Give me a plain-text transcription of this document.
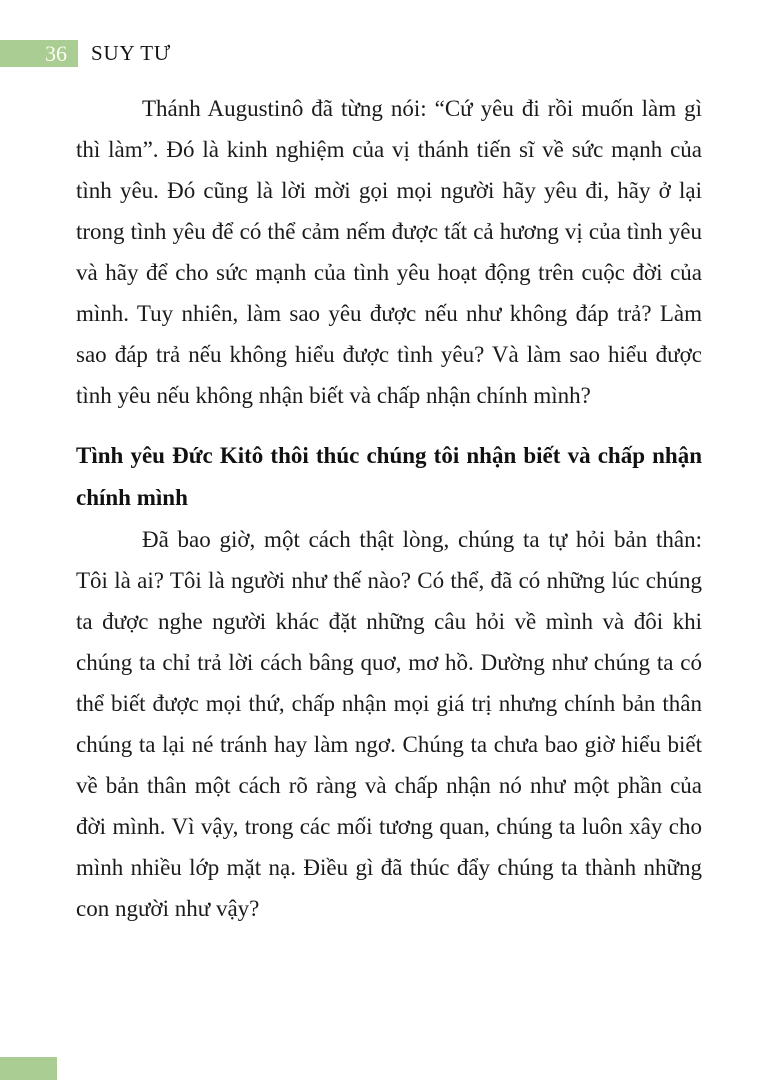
36 SUY TƯ

Thánh Augustinô đã từng nói: “Cứ yêu đi rồi muốn làm gì thì làm”. Đó là kinh nghiệm của vị thánh tiến sĩ về sức mạnh của tình yêu. Đó cũng là lời mời gọi mọi người hãy yêu đi, hãy ở lại trong tình yêu để có thể cảm nếm được tất cả hương vị của tình yêu và hãy để cho sức mạnh của tình yêu hoạt động trên cuộc đời của mình. Tuy nhiên, làm sao yêu được nếu như không đáp trả? Làm sao đáp trả nếu không hiểu được tình yêu? Và làm sao hiểu được tình yêu nếu không nhận biết và chấp nhận chính mình?

Tình yêu Đức Kitô thôi thúc chúng tôi nhận biết và chấp nhận chính mình

Đã bao giờ, một cách thật lòng, chúng ta tự hỏi bản thân: Tôi là ai? Tôi là người như thế nào? Có thể, đã có những lúc chúng ta được nghe người khác đặt những câu hỏi về mình và đôi khi chúng ta chỉ trả lời cách bâng quơ, mơ hồ. Dường như chúng ta có thể biết được mọi thứ, chấp nhận mọi giá trị nhưng chính bản thân chúng ta lại né tránh hay làm ngơ. Chúng ta chưa bao giờ hiểu biết về bản thân một cách rõ ràng và chấp nhận nó như một phần của đời mình. Vì vậy, trong các mối tương quan, chúng ta luôn xây cho mình nhiều lớp mặt nạ. Điều gì đã thúc đẩy chúng ta thành những con người như vậy?
